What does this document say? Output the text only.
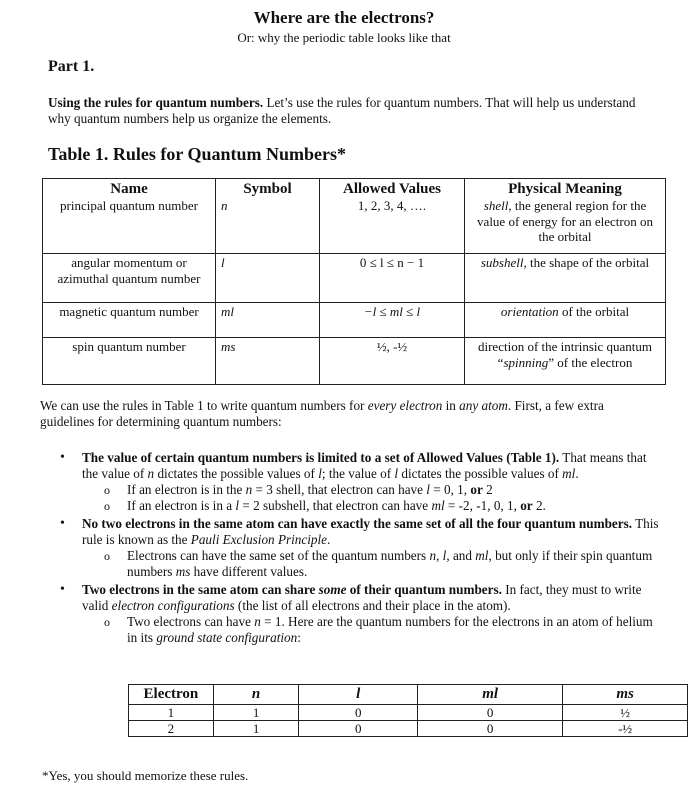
Where are the electrons?
Or: why the periodic table looks like that
Part 1.
Using the rules for quantum numbers. Let’s use the rules for quantum numbers. That will help us understand why quantum numbers help us organize the elements.
Table 1. Rules for Quantum Numbers*
Name	Symbol	Allowed Values	Physical Meaning
principal quantum number	n	1, 2, 3, 4, ….	shell, the general region for the value of energy for an electron on the orbital
angular momentum or azimuthal quantum number	l	0 ≤ l ≤ n − 1	subshell, the shape of the orbital
magnetic quantum number	ml	−l ≤ ml ≤ l	orientation of the orbital
spin quantum number	ms	½, -½	direction of the intrinsic quantum “spinning” of the electron
We can use the rules in Table 1 to write quantum numbers for every electron in any atom. First, a few extra guidelines for determining quantum numbers:
• The value of certain quantum numbers is limited to a set of Allowed Values (Table 1). That means that the value of n dictates the possible values of l; the value of l dictates the possible values of ml.
o If an electron is in the n = 3 shell, that electron can have l = 0, 1, or 2
o If an electron is in a l = 2 subshell, that electron can have ml = -2, -1, 0, 1, or 2.
• No two electrons in the same atom can have exactly the same set of all the four quantum numbers. This rule is known as the Pauli Exclusion Principle.
o Electrons can have the same set of the quantum numbers n, l, and ml, but only if their spin quantum numbers ms have different values.
• Two electrons in the same atom can share some of their quantum numbers. In fact, they must to write valid electron configurations (the list of all electrons and their place in the atom).
o Two electrons can have n = 1. Here are the quantum numbers for the electrons in an atom of helium in its ground state configuration:
Electron	n	l	ml	ms
1	1	0	0	½
2	1	0	0	-½
*Yes, you should memorize these rules.
